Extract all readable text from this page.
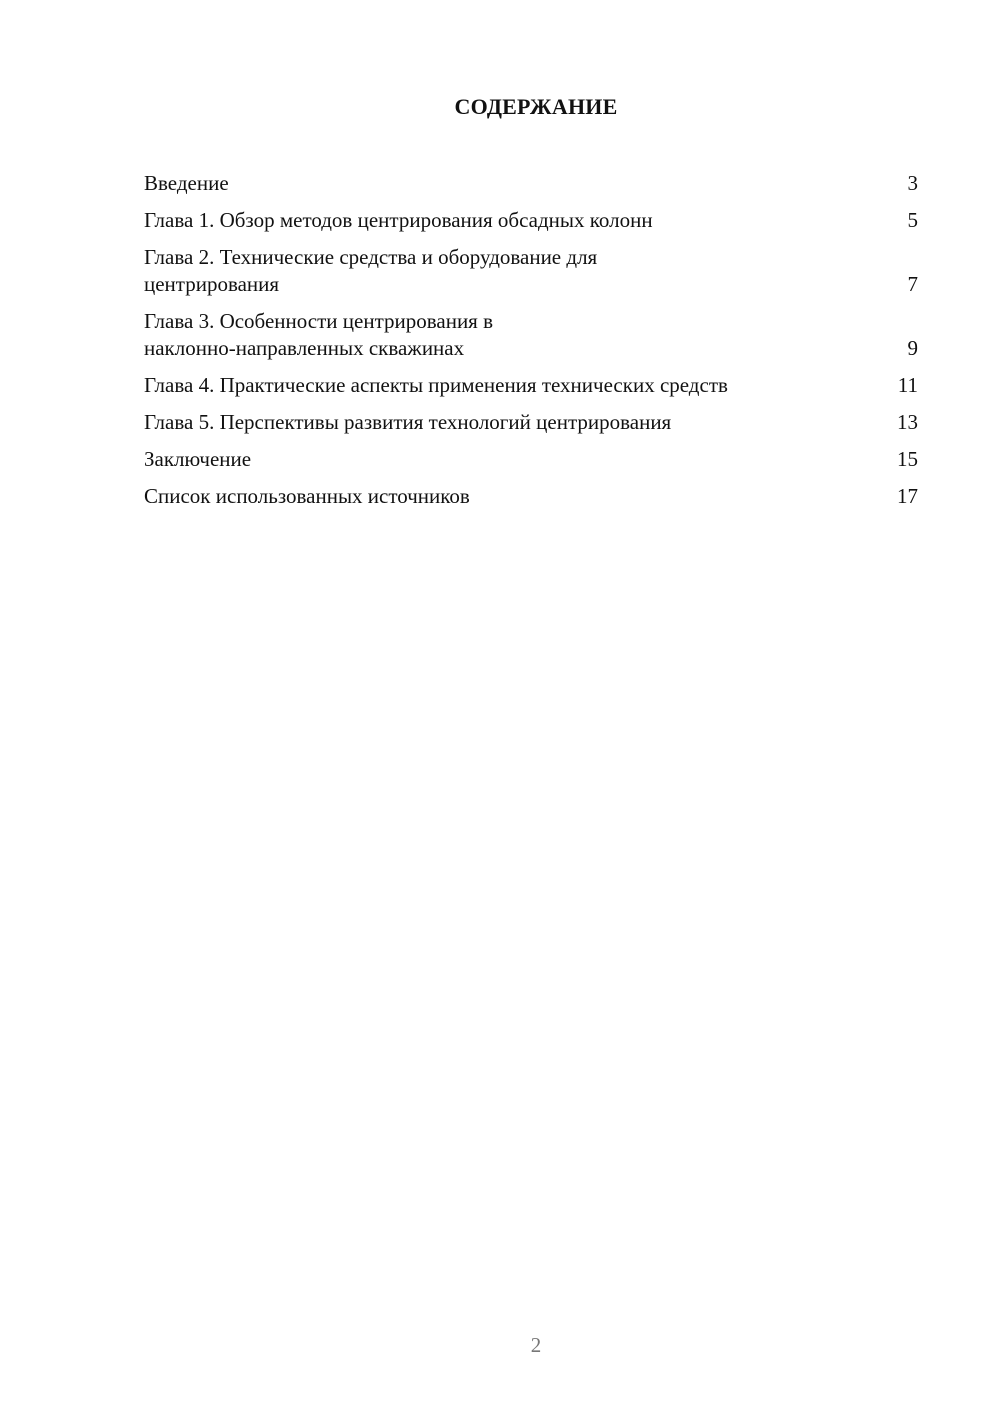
СОДЕРЖАНИЕ
Введение	3
Глава 1. Обзор методов центрирования обсадных колонн	5
Глава 2. Технические средства и оборудование для центрирования	7
Глава 3. Особенности центрирования в наклонно-направленных скважинах	9
Глава 4. Практические аспекты применения технических средств	11
Глава 5. Перспективы развития технологий центрирования	13
Заключение	15
Список использованных источников	17
2
